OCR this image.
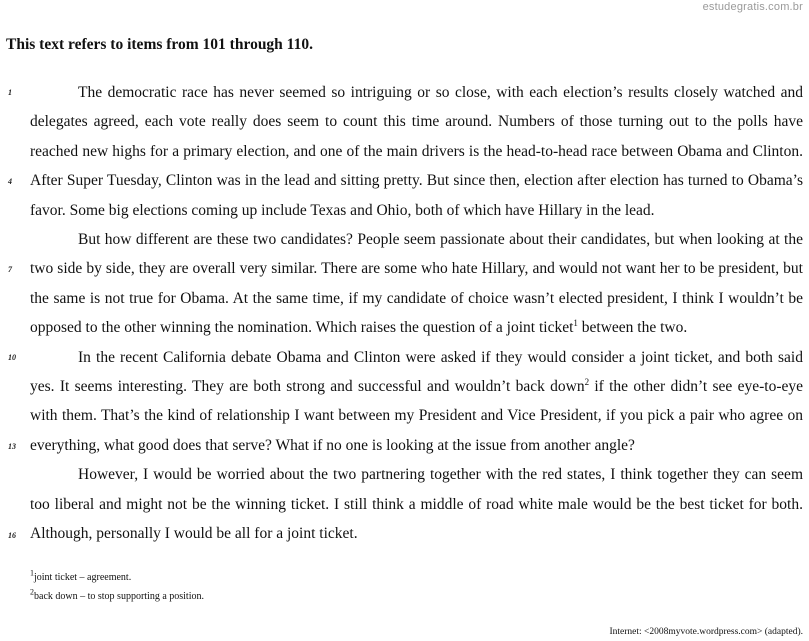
estudegratis.com.br
This text refers to items from 101 through 110.
1
4
7
10
13
16

The democratic race has never seemed so intriguing or so close, with each election’s results closely watched and delegates agreed, each vote really does seem to count this time around. Numbers of those turning out to the polls have reached new highs for a primary election, and one of the main drivers is the head-to-head race between Obama and Clinton. After Super Tuesday, Clinton was in the lead and sitting pretty. But since then, election after election has turned to Obama’s favor. Some big elections coming up include Texas and Ohio, both of which have Hillary in the lead.

But how different are these two candidates? People seem passionate about their candidates, but when looking at the two side by side, they are overall very similar. There are some who hate Hillary, and would not want her to be president, but the same is not true for Obama. At the same time, if my candidate of choice wasn’t elected president, I think I wouldn’t be opposed to the other winning the nomination. Which raises the question of a joint ticket$^1$ between the two.

In the recent California debate Obama and Clinton were asked if they would consider a joint ticket, and both said yes. It seems interesting. They are both strong and successful and wouldn’t back down$^2$ if the other didn’t see eye-to-eye with them. That’s the kind of relationship I want between my President and Vice President, if you pick a pair who agree on everything, what good does that serve? What if no one is looking at the issue from another angle?

However, I would be worried about the two partnering together with the red states, I think together they can seem too liberal and might not be the winning ticket. I still think a middle of road white male would be the best ticket for both. Although, personally I would be all for a joint ticket.

$^1$joint ticket – agreement.
$^2$back down – to stop supporting a position.
Internet: <2008myvote.wordpress.com> (adapted).
